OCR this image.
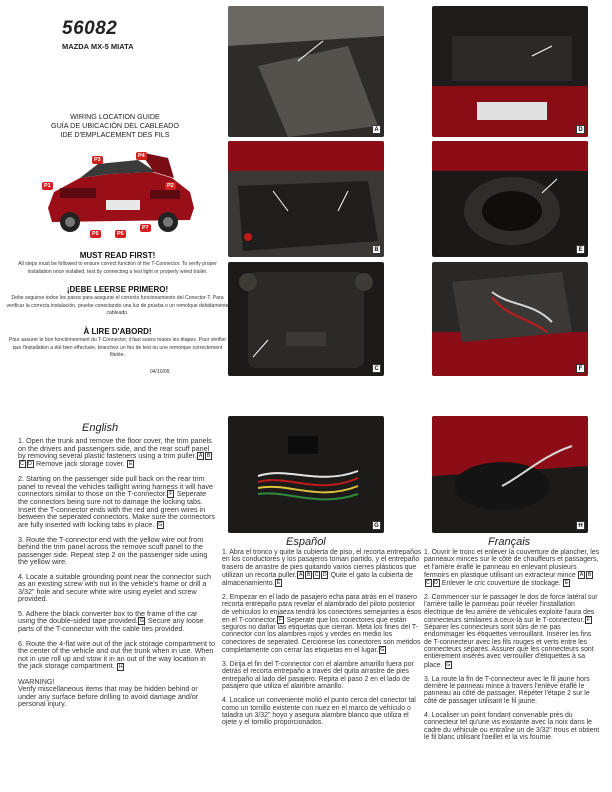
56082
MAZDA MX-5 MIATA
WIRING LOCATION GUIDE
GUÍA DE UBICACIÓN DEL CABLEADO
IDE D'EMPLACEMENT DES FILS
P1	P2
P3
P4
P5	P6
P7
MUST READ FIRST!

All steps must be followed to ensure correct function of the T-Connector. To verify proper installation once installed, test by connecting a test light or properly wired trailer.

¡DEBE LEERSE PRIMERO!

Debe seguirse todos los pasos para asegurar el correcto funcionamiento del Conector-T. Para verificar la correcta instalación, pruebe conectando una luz de prueba o un remolque debidamente cableado.

À LIRE D'ABORD!

Pour assurer le bon fonctionnement du T-Connector, il faut suivre toutes les étapes. Pour vérifier que l'installation a été bien effectuée, branchez un feu de test ou une remorque correctement filetée.

04/10/09
A	D
B	E
C	F
G	H
English

1. Open the trunk and remove the floor cover, the trim panels on the drivers and passengers side, and the rear scuff panel by removing several plastic fasteners using a trim puller. A BC D Remove jack storage cover. E

2. Starting on the passenger side pull back on the rear trim panel to reveal the vehicles taillight wiring harness it will have connectors similar to those on the T-connector. F Seperate the connectors being sure not to damage the locking tabs. Insert the T-connector ends with the red and green wires in between the seperated connectors. Make sure the connectors are fully inserted with locking tabs in place. G

3. Route the T-connector end with the yellow wire out from behind the trim panel across the remove scuff panel to the passenger side. Repeat step 2 on the passenger side using the yellow wire.

4. Locate a suitable grounding point near the connector such as an existing screw with nut in the vehicle's frame or drill a 3/32" hole and secure white wire using eyelet and screw provided.

5. Adhere the black converter box to the frame of the car using the double-sided tape provided. G Secure any loose parts of the T-connector with the cable ties provided.

6. Route the 4-flat wire out of the jack storage compartment to the center of the vehicle and out the trunk when in use. When not in use roll up and stow it in an out of the way location in the jack storage compartment. H

WARNING!

Verify miscellaneous items that may be hidden behind or under any surface before drilling to avoid damage and/or personal injury.

Español

1. Abra el tronco y quite la cubierta de piso, el recorta entrepaños en los conductores y los pasajeros toman partido, y el entrepaño trasero de arrastre de pies quitando varios cierres plásticos que utilizan un recorta puller. A B C D Quite el gato la cubierta de almacenamiento. E

2. Empezar en el lado de pasajero echa para atrás en el trasero recorta entrepaño para revelar el alambrado del piloto posterior de vehículos lo enjaeza tendrá los conectores semejantes a ésos en el T-connector. F Seperate que los conectores que están seguros no dañar las etiquetas que cierran. Meta los fines del T-connector con los alambres rojos y verdes en medio los conectores de seperated. Cerciórese los conectores son metidos completamente con cerrar las etiquetas en el lugar. G

3. Dirija el fin del T-connector con el alambre amarillo fuera por detrás el recorta entrepaño a través del quita arrastre de pies entrepaño al lado del pasajero. Repita el paso 2 en el lado de pasajero que utiliza el alambre amarillo.

4. Localice un conveniente molió el punto cerca del conector tal como un tornillo existente con nuez en el marco de vehículo o taladra un 3/32" hoyo y asegura alambre blanco que utiliza el ojete y el tornillo proporcionados.

Français

1. Ouvrir le tronc et enlever la couverture de plancher, les panneaux minces sur le côté de chauffeurs et passagers, et l'arrière éraflé le panneau en enlevant plusieurs fermoirs en plastique utilisant un extracteur mince A BC D Enlever le cric couverture de stockage. E

2. Commencer sur le passager le dos de force latéral sur l'arrière taille le panneau pour révéler l'installation électrique de feu arrière de véhicules exploite l'aura des connecteurs similaires à ceux-là sur le T-connecteur. F Séparer les connecteurs sont sûrs de ne pas endommager les étiquettes verrouillant. Insérer les fins de T-connecteur avec les fils rouges et verts entre les connecteurs séparés. Assurer que les connecteurs sont entièrement insérés avec verrouiller d'étiquettes à sa place. G

3. La route la fin de T-connecteur avec le fil jaune hors derrière le panneau mince à travers l'enlève éraflé le panneau au côté de passager. Répéter l'étape 2 sur le côté de passager utilisant le fil jaune.

4. Localiser un point fondant convenable près du connecteur tel qu'une vis existante avec la noix dans le cadre du véhicule ou entraîne un de 3/32" trous et obtient le fil blanc utilisant l'oeillet et la vis fournie.
